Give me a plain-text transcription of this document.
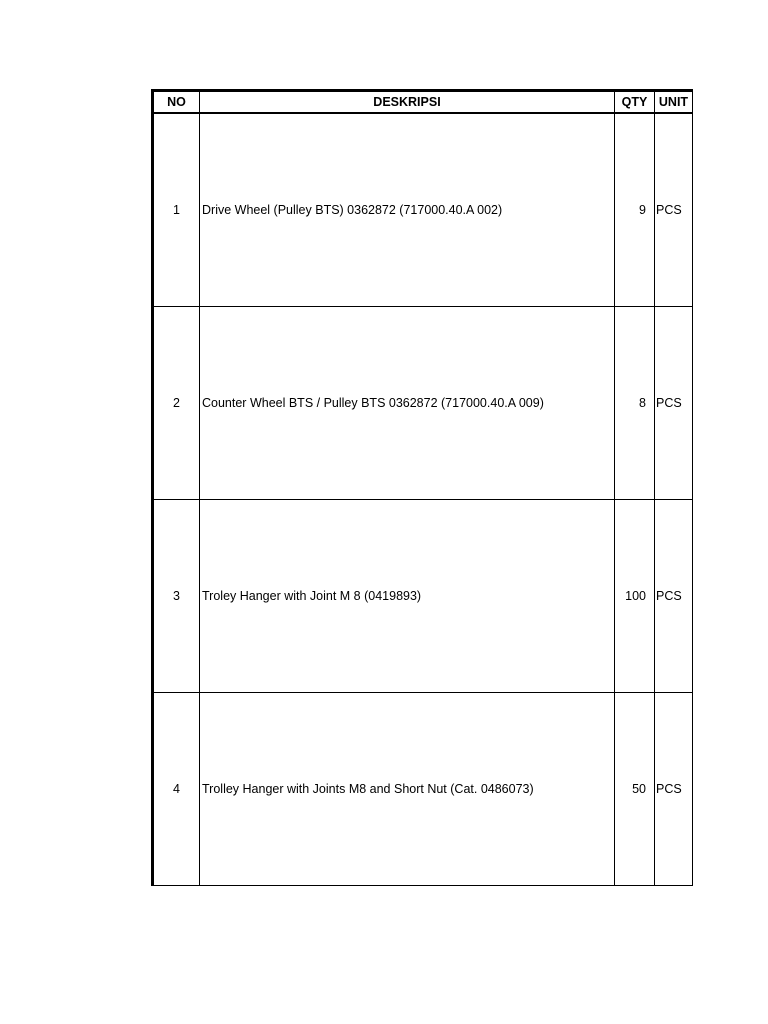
NO	DESKRIPSI	QTY	UNIT
1	Drive Wheel (Pulley BTS) 0362872 (717000.40.A 002)	9	PCS
2	Counter Wheel BTS / Pulley BTS 0362872 (717000.40.A 009)	8	PCS
3	Troley Hanger with Joint M 8 (0419893)	100	PCS
4	Trolley Hanger with Joints M8 and Short Nut (Cat. 0486073)	50	PCS
